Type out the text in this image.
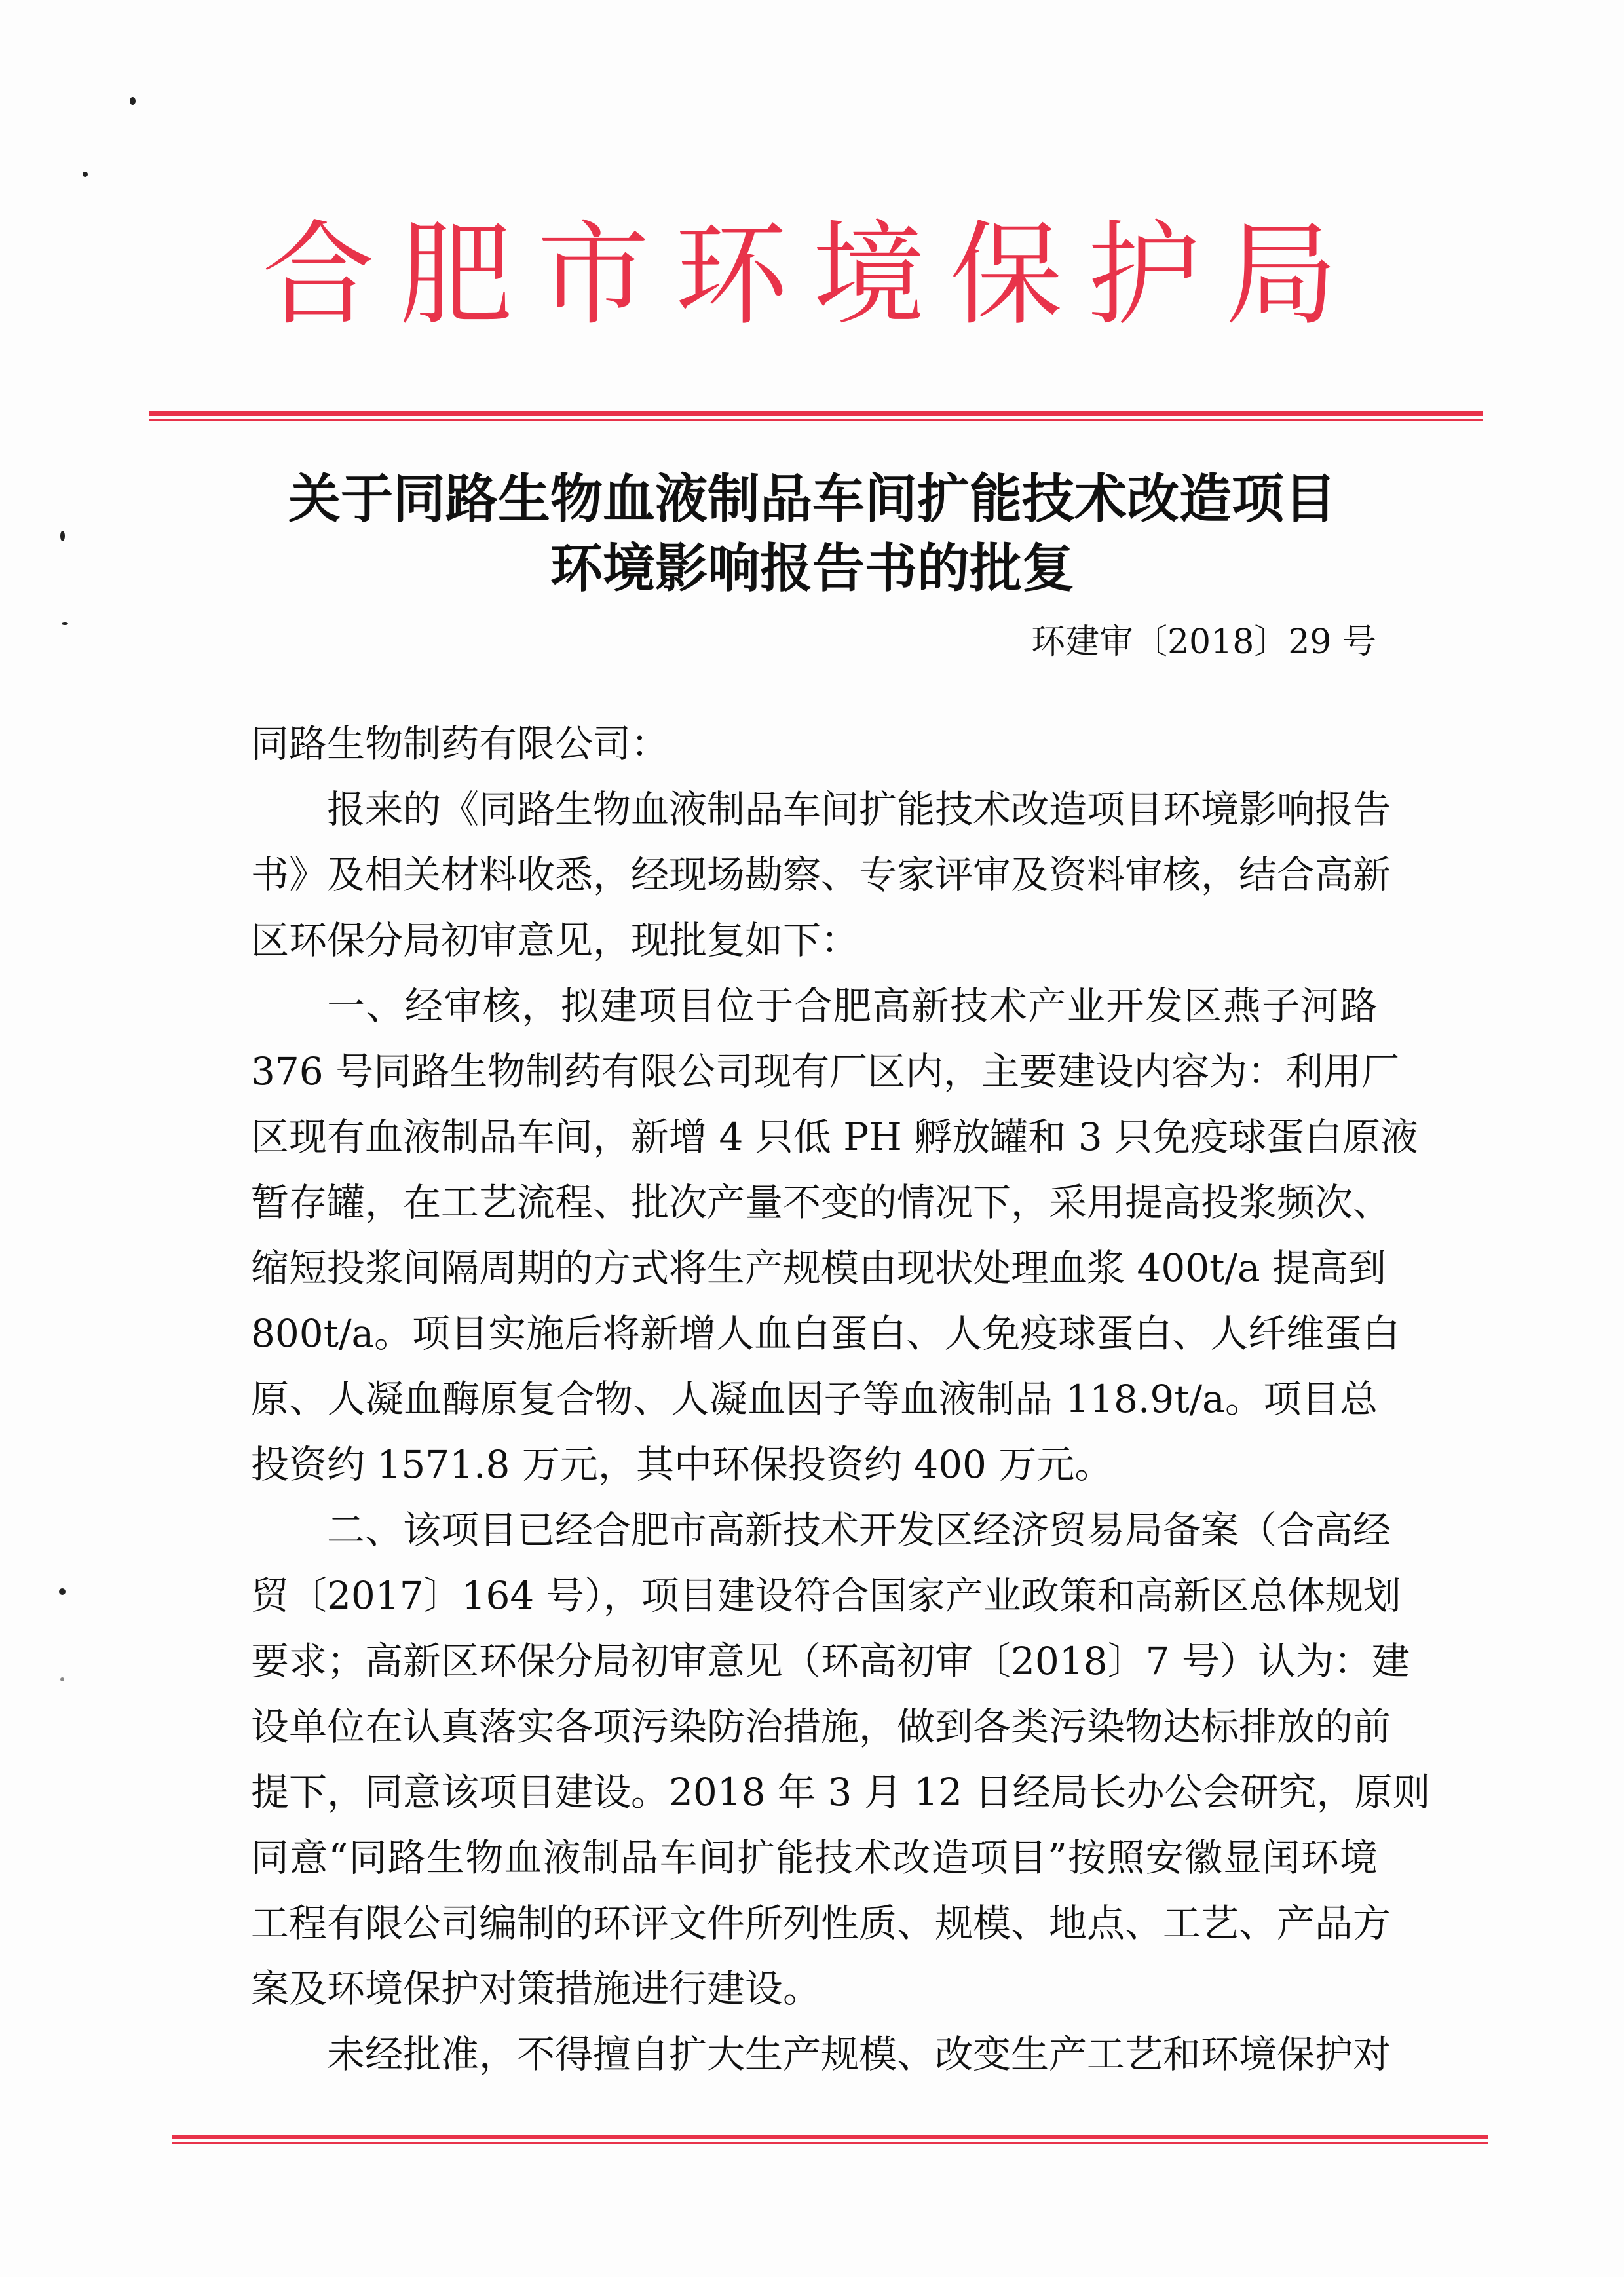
合肥市环境保护局
关于同路生物血液制品车间扩能技术改造项目
环境影响报告书的批复
环建审〔2018〕29 号
同路生物制药有限公司：
报来的《同路生物血液制品车间扩能技术改造项目环境影响报告
书》及相关材料收悉，经现场勘察、专家评审及资料审核，结合高新
区环保分局初审意见，现批复如下：
一、经审核，拟建项目位于合肥高新技术产业开发区燕子河路
376 号同路生物制药有限公司现有厂区内，主要建设内容为：利用厂
区现有血液制品车间，新增 4 只低 PH 孵放罐和 3 只免疫球蛋白原液
暂存罐，在工艺流程、批次产量不变的情况下，采用提高投浆频次、
缩短投浆间隔周期的方式将生产规模由现状处理血浆 400t/a 提高到
800t/a。项目实施后将新增人血白蛋白、人免疫球蛋白、人纤维蛋白
原、人凝血酶原复合物、人凝血因子等血液制品 118.9t/a。项目总
投资约 1571.8 万元，其中环保投资约 400 万元。
二、该项目已经合肥市高新技术开发区经济贸易局备案（合高经
贸〔2017〕164 号），项目建设符合国家产业政策和高新区总体规划
要求；高新区环保分局初审意见（环高初审〔2018〕7 号）认为：建
设单位在认真落实各项污染防治措施，做到各类污染物达标排放的前
提下，同意该项目建设。2018 年 3 月 12 日经局长办公会研究，原则
同意“同路生物血液制品车间扩能技术改造项目”按照安徽显闰环境
工程有限公司编制的环评文件所列性质、规模、地点、工艺、产品方
案及环境保护对策措施进行建设。
未经批准，不得擅自扩大生产规模、改变生产工艺和环境保护对
